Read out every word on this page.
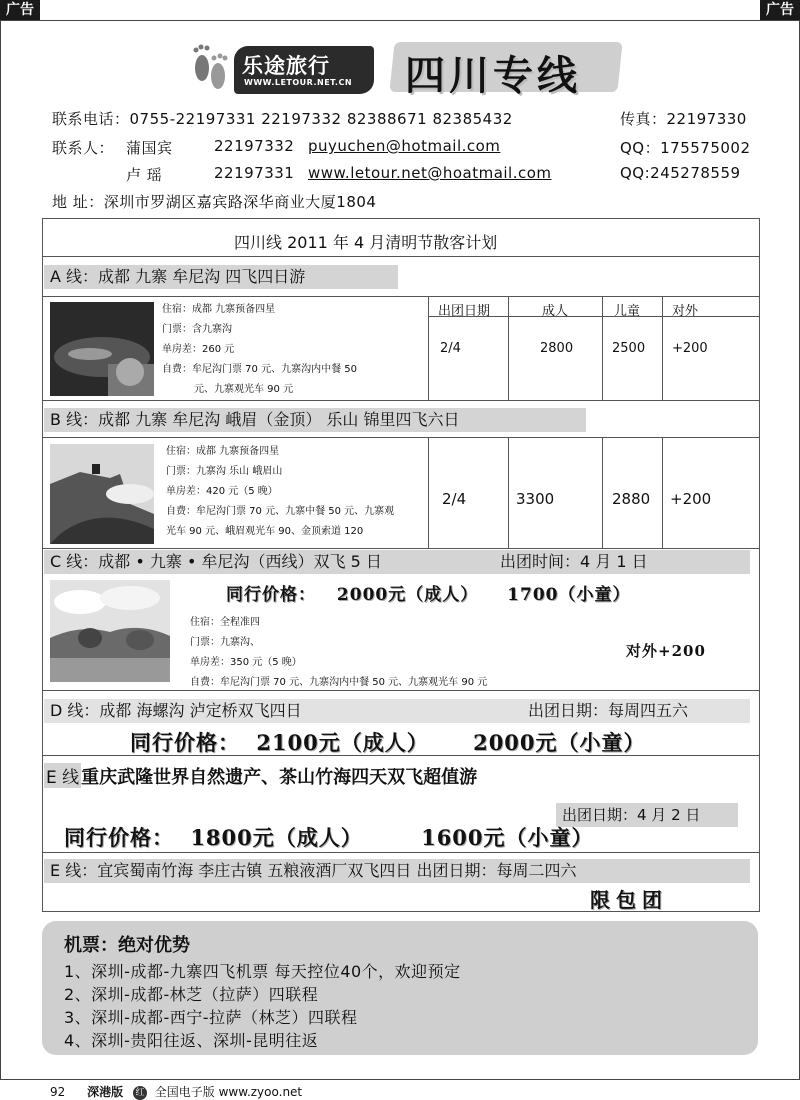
广告	广告
乐途旅行
WWW.LETOUR.NET.CN 四川专线
联系电话：0755-22197331 22197332 82388671 82385432	传真：22197330
联系人： 蒲国宾	22197332 puyuchen@hotmail.com	QQ：175575002
卢 瑶	22197331 www.letour.net@hoatmail.com	QQ:245278559
地 址：深圳市罗湖区嘉宾路深华商业大厦1804
四川线 2011 年 4 月清明节散客计划
A 线：成都 九寨 牟尼沟 四飞四日游
住宿：成都 九寨预备四星
门票：含九寨沟
单房差：260 元
自费：牟尼沟门票 70 元、九寨沟内中餐 50
元、九寨观光车 90 元
出团日期	成人	儿童 对外
2/4	2800	2500 +200
B 线：成都 九寨 牟尼沟 峨眉（金顶） 乐山 锦里四飞六日
住宿：成都 九寨预备四星
门票：九寨沟 乐山 峨眉山
单房差：420 元（5 晚）
自费：牟尼沟门票 70 元、九寨中餐 50 元、九寨观
光车 90 元、峨眉观光车 90、金顶索道 120
2/4	3300	2880 +200
C 线：成都 • 九寨 • 牟尼沟（西线）双飞 5 日	出团时间：4 月 1 日
同行价格： 2000元（成人） 1700（小童）
住宿：全程准四
门票：九寨沟、
单房差：350 元（5 晚）
自费：牟尼沟门票 70 元、九寨沟内中餐 50 元、九寨观光车 90 元
对外+200
D 线：成都 海螺沟 泸定桥双飞四日	出团日期：每周四五六
同行价格： 2100元（成人） 2000元（小童）
E 线 重庆武隆世界自然遗产、茶山竹海四天双飞超值游
出团日期：4 月 2 日
同行价格： 1800元（成人）	1600元（小童）
E 线：宜宾蜀南竹海 李庄古镇 五粮液酒厂双飞四日 出团日期：每周二四六
限包团
机票：绝对优势
1、深圳-成都-九寨四飞机票 每天控位40个，欢迎预定
2、深圳-成都-林芝（拉萨）四联程
3、深圳-成都-西宁-拉萨（林芝）四联程
4、深圳-贵阳往返、深圳-昆明往返
92 深港版 红 全国电子版 www.zyoo.net
